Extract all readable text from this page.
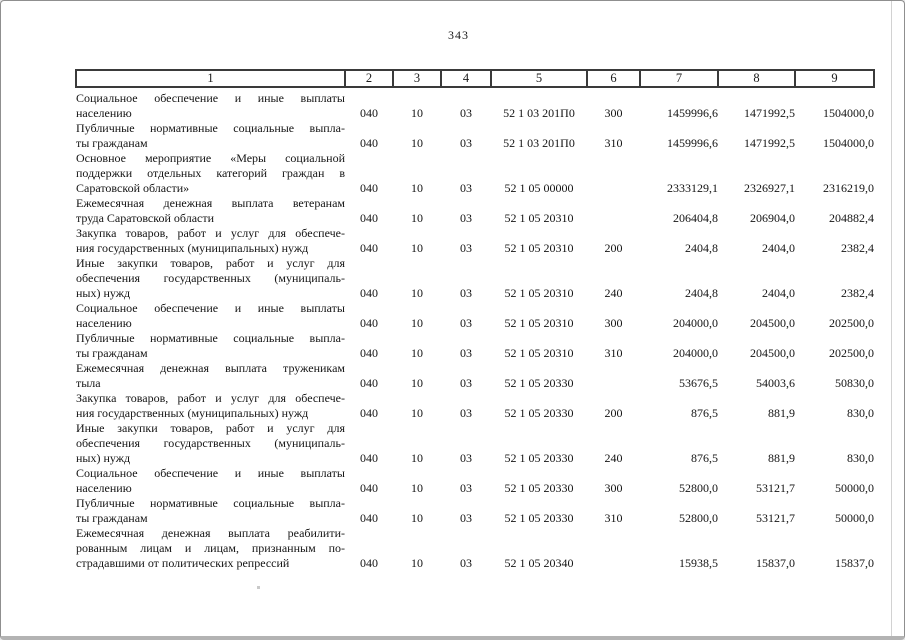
343
1	2	3	4	5	6	7	8	9

Социальное обеспечение и иные выплаты
населению	040	10	03	52 1 03 201П0	300	1459996,6	1471992,5	1504000,0

Публичные нормативные социальные выпла-
ты гражданам	040	10	03	52 1 03 201П0	310	1459996,6	1471992,5	1504000,0

Основное мероприятие «Меры социальной
поддержки отдельных категорий граждан в
Саратовской области»	040	10	03	52 1 05 00000		2333129,1	2326927,1	2316219,0

Ежемесячная денежная выплата ветеранам
труда Саратовской области	040	10	03	52 1 05 20310		206404,8	206904,0	204882,4

Закупка товаров, работ и услуг для обеспече-
ния государственных (муниципальных) нужд	040	10	03	52 1 05 20310	200	2404,8	2404,0	2382,4

Иные закупки товаров, работ и услуг для
обеспечения государственных (муниципаль-
ных) нужд	040	10	03	52 1 05 20310	240	2404,8	2404,0	2382,4

Социальное обеспечение и иные выплаты
населению	040	10	03	52 1 05 20310	300	204000,0	204500,0	202500,0

Публичные нормативные социальные выпла-
ты гражданам	040	10	03	52 1 05 20310	310	204000,0	204500,0	202500,0

Ежемесячная денежная выплата труженикам
тыла	040	10	03	52 1 05 20330		53676,5	54003,6	50830,0

Закупка товаров, работ и услуг для обеспече-
ния государственных (муниципальных) нужд	040	10	03	52 1 05 20330	200	876,5	881,9	830,0

Иные закупки товаров, работ и услуг для
обеспечения государственных (муниципаль-
ных) нужд	040	10	03	52 1 05 20330	240	876,5	881,9	830,0

Социальное обеспечение и иные выплаты
населению	040	10	03	52 1 05 20330	300	52800,0	53121,7	50000,0

Публичные нормативные социальные выпла-
ты гражданам	040	10	03	52 1 05 20330	310	52800,0	53121,7	50000,0

Ежемесячная денежная выплата реабилити-
рованным лицам и лицам, признанным по-
страдавшими от политических репрессий	040	10	03	52 1 05 20340		15938,5	15837,0	15837,0
